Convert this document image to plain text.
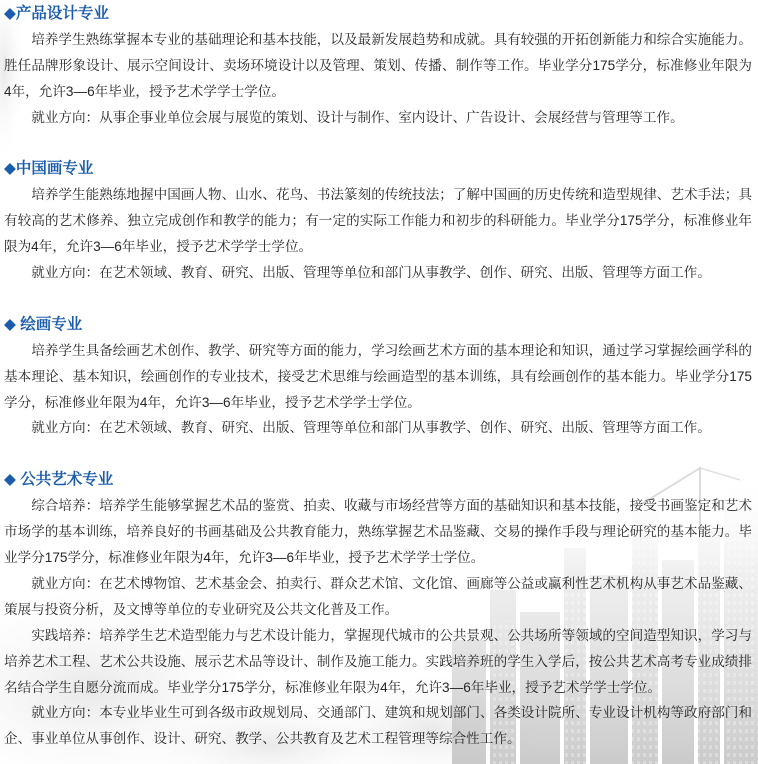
◆产品设计专业

培养学生熟练掌握本专业的基础理论和基本技能，以及最新发展趋势和成就。具有较强的开拓创新能力和综合实施能力。胜任品牌形象设计、展示空间设计、卖场环境设计以及管理、策划、传播、制作等工作。毕业学分175学分，标准修业年限为4年，允许3—6年毕业，授予艺术学学士学位。

就业方向：从事企事业单位会展与展览的策划、设计与制作、室内设计、广告设计、会展经营与管理等工作。

◆中国画专业

培养学生能熟练地握中国画人物、山水、花鸟、书法篆刻的传统技法；了解中国画的历史传统和造型规律、艺术手法；具有较高的艺术修养、独立完成创作和教学的能力；有一定的实际工作能力和初步的科研能力。毕业学分175学分，标准修业年限为4年，允许3—6年毕业，授予艺术学学士学位。

就业方向：在艺术领域、教育、研究、出版、管理等单位和部门从事教学、创作、研究、出版、管理等方面工作。

◆ 绘画专业

培养学生具备绘画艺术创作、教学、研究等方面的能力，学习绘画艺术方面的基本理论和知识，通过学习掌握绘画学科的基本理论、基本知识，绘画创作的专业技术，接受艺术思维与绘画造型的基本训练，具有绘画创作的基本能力。毕业学分175学分，标准修业年限为4年，允许3—6年毕业，授予艺术学学士学位。

就业方向：在艺术领域、教育、研究、出版、管理等单位和部门从事教学、创作、研究、出版、管理等方面工作。

◆ 公共艺术专业

综合培养：培养学生能够掌握艺术品的鉴赏、拍卖、收藏与市场经营等方面的基础知识和基本技能，接受书画鉴定和艺术市场学的基本训练，培养良好的书画基础及公共教育能力，熟练掌握艺术品鉴藏、交易的操作手段与理论研究的基本能力。毕业学分175学分，标准修业年限为4年，允许3—6年毕业，授予艺术学学士学位。

就业方向：在艺术博物馆、艺术基金会、拍卖行、群众艺术馆、文化馆、画廊等公益或赢利性艺术机构从事艺术品鉴藏、策展与投资分析，及文博等单位的专业研究及公共文化普及工作。

实践培养：培养学生艺术造型能力与艺术设计能力，掌握现代城市的公共景观、公共场所等领域的空间造型知识，学习与培养艺术工程、艺术公共设施、展示艺术品等设计、制作及施工能力。实践培养班的学生入学后，按公共艺术高考专业成绩排名结合学生自愿分流而成。毕业学分175学分，标准修业年限为4年，允许3—6年毕业，授予艺术学学士学位。

就业方向：本专业毕业生可到各级市政规划局、交通部门、建筑和规划部门、各类设计院所、专业设计机构等政府部门和企、事业单位从事创作、设计、研究、教学、公共教育及艺术工程管理等综合性工作。
